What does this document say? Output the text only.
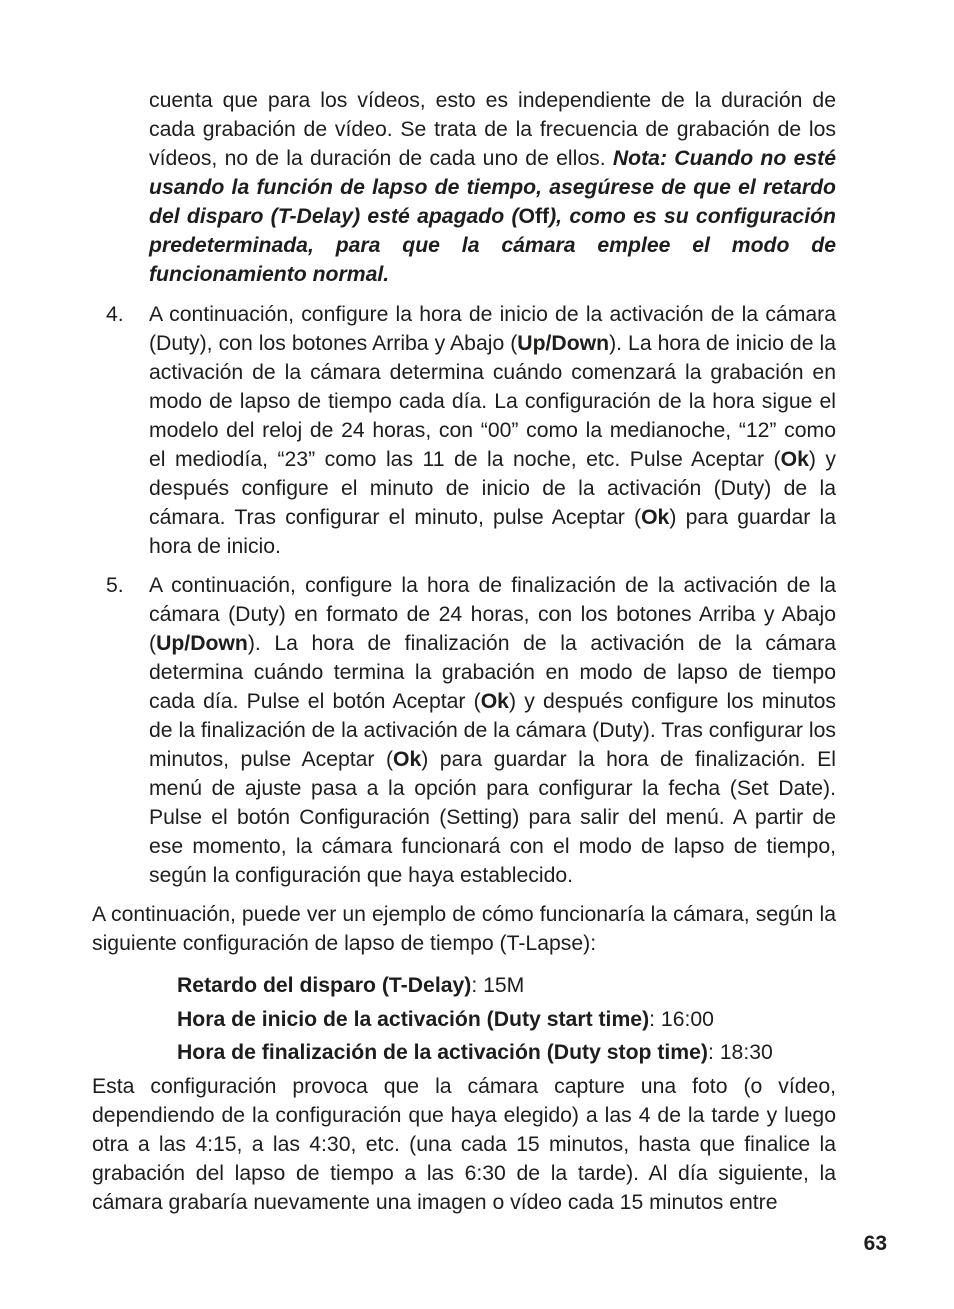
cuenta que para los vídeos, esto es independiente de la duración de cada grabación de vídeo. Se trata de la frecuencia de grabación de los vídeos, no de la duración de cada uno de ellos. Nota: Cuando no esté usando la función de lapso de tiempo, asegúrese de que el retardo del disparo (T-Delay) esté apagado (Off), como es su configuración predeterminada, para que la cámara emplee el modo de funcionamiento normal.

4. A continuación, configure la hora de inicio de la activación de la cámara (Duty), con los botones Arriba y Abajo (Up/Down). La hora de inicio de la activación de la cámara determina cuándo comenzará la grabación en modo de lapso de tiempo cada día. La configuración de la hora sigue el modelo del reloj de 24 horas, con “00” como la medianoche, “12” como el mediodía, “23” como las 11 de la noche, etc. Pulse Aceptar (Ok) y después configure el minuto de inicio de la activación (Duty) de la cámara. Tras configurar el minuto, pulse Aceptar (Ok) para guardar la hora de inicio.

5. A continuación, configure la hora de finalización de la activación de la cámara (Duty) en formato de 24 horas, con los botones Arriba y Abajo (Up/Down). La hora de finalización de la activación de la cámara determina cuándo termina la grabación en modo de lapso de tiempo cada día. Pulse el botón Aceptar (Ok) y después configure los minutos de la finalización de la activación de la cámara (Duty). Tras configurar los minutos, pulse Aceptar (Ok) para guardar la hora de finalización. El menú de ajuste pasa a la opción para configurar la fecha (Set Date). Pulse el botón Configuración (Setting) para salir del menú. A partir de ese momento, la cámara funcionará con el modo de lapso de tiempo, según la configuración que haya establecido.

A continuación, puede ver un ejemplo de cómo funcionaría la cámara, según la siguiente configuración de lapso de tiempo (T-Lapse):

Retardo del disparo (T-Delay): 15M
Hora de inicio de la activación (Duty start time): 16:00
Hora de finalización de la activación (Duty stop time): 18:30

Esta configuración provoca que la cámara capture una foto (o vídeo, dependiendo de la configuración que haya elegido) a las 4 de la tarde y luego otra a las 4:15, a las 4:30, etc. (una cada 15 minutos, hasta que finalice la grabación del lapso de tiempo a las 6:30 de la tarde). Al día siguiente, la cámara grabaría nuevamente una imagen o vídeo cada 15 minutos entre

63
